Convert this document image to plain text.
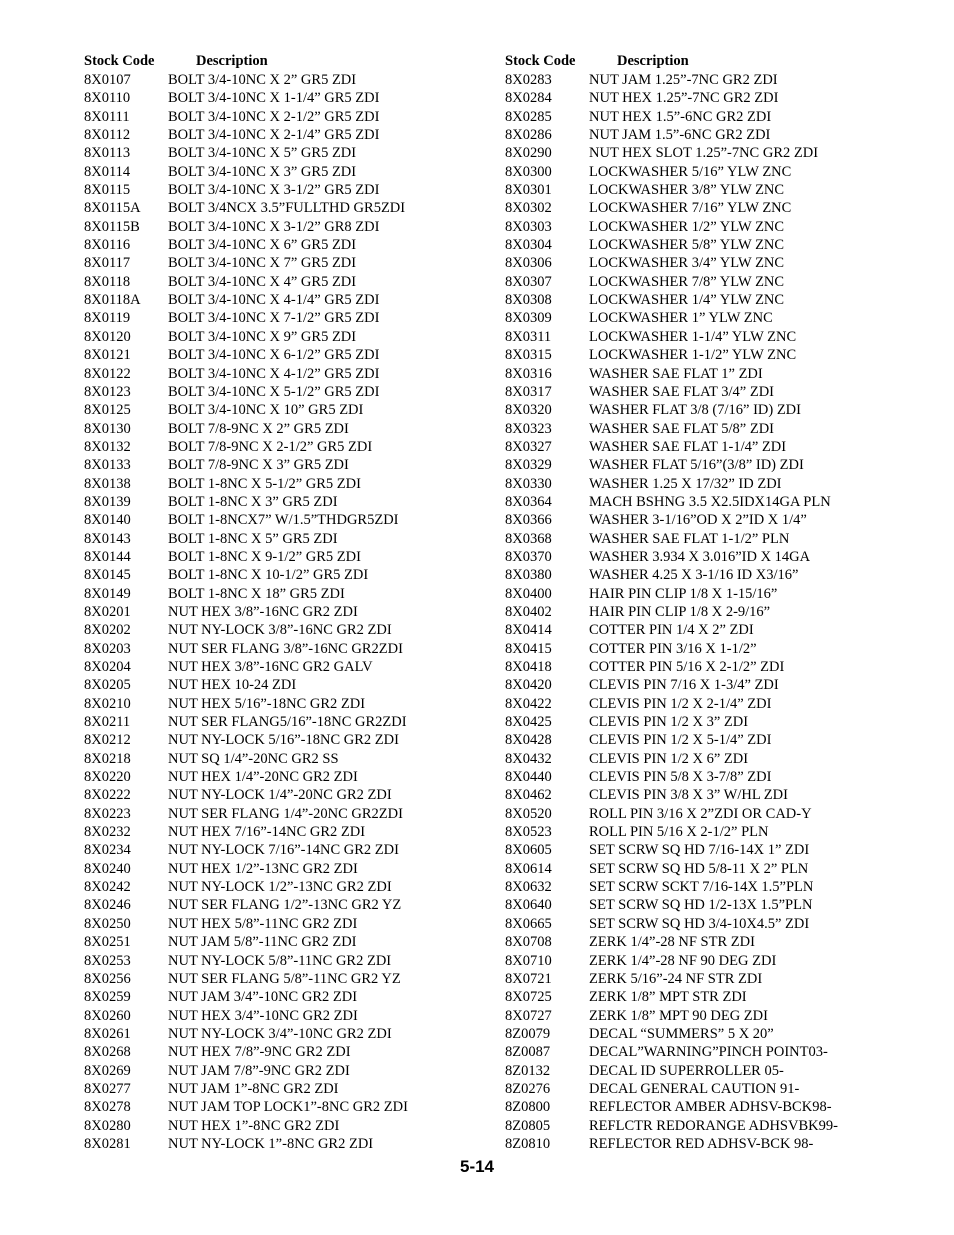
Stock Code	Description
8X0107	BOLT 3/4-10NC X 2” GR5 ZDI
8X0110	BOLT 3/4-10NC X 1-1/4” GR5 ZDI
8X0111	BOLT 3/4-10NC X 2-1/2” GR5 ZDI
8X0112	BOLT 3/4-10NC X 2-1/4” GR5 ZDI
8X0113	BOLT 3/4-10NC X 5” GR5 ZDI
8X0114	BOLT 3/4-10NC X 3” GR5 ZDI
8X0115	BOLT 3/4-10NC X 3-1/2” GR5 ZDI
8X0115A BOLT 3/4NCX 3.5”FULLTHD GR5ZDI
8X0115B BOLT 3/4-10NC X 3-1/2” GR8 ZDI
8X0116	BOLT 3/4-10NC X 6” GR5 ZDI
8X0117	BOLT 3/4-10NC X 7” GR5 ZDI
8X0118	BOLT 3/4-10NC X 4” GR5 ZDI
8X0118A BOLT 3/4-10NC X 4-1/4” GR5 ZDI
8X0119	BOLT 3/4-10NC X 7-1/2” GR5 ZDI
8X0120	BOLT 3/4-10NC X 9” GR5 ZDI
8X0121	BOLT 3/4-10NC X 6-1/2” GR5 ZDI
8X0122	BOLT 3/4-10NC X 4-1/2” GR5 ZDI
8X0123	BOLT 3/4-10NC X 5-1/2” GR5 ZDI
8X0125	BOLT 3/4-10NC X 10” GR5 ZDI
8X0130	BOLT 7/8-9NC X 2” GR5 ZDI
8X0132	BOLT 7/8-9NC X 2-1/2” GR5 ZDI
8X0133	BOLT 7/8-9NC X 3” GR5 ZDI
8X0138	BOLT 1-8NC X 5-1/2” GR5 ZDI
8X0139	BOLT 1-8NC X 3” GR5 ZDI
8X0140	BOLT 1-8NCX7” W/1.5”THDGR5ZDI
8X0143	BOLT 1-8NC X 5” GR5 ZDI
8X0144	BOLT 1-8NC X 9-1/2” GR5 ZDI
8X0145	BOLT 1-8NC X 10-1/2” GR5 ZDI
8X0149	BOLT 1-8NC X 18” GR5 ZDI
8X0201	NUT HEX 3/8”-16NC GR2 ZDI
8X0202	NUT NY-LOCK 3/8”-16NC GR2 ZDI
8X0203	NUT SER FLANG 3/8”-16NC GR2ZDI
8X0204	NUT HEX 3/8”-16NC GR2 GALV
8X0205	NUT HEX 10-24 ZDI
8X0210	NUT HEX 5/16”-18NC GR2 ZDI
8X0211	NUT SER FLANG5/16”-18NC GR2ZDI
8X0212	NUT NY-LOCK 5/16”-18NC GR2 ZDI
8X0218	NUT SQ 1/4”-20NC GR2 SS
8X0220	NUT HEX 1/4”-20NC GR2 ZDI
8X0222	NUT NY-LOCK 1/4”-20NC GR2 ZDI
8X0223	NUT SER FLANG 1/4”-20NC GR2ZDI
8X0232	NUT HEX 7/16”-14NC GR2 ZDI
8X0234	NUT NY-LOCK 7/16”-14NC GR2 ZDI
8X0240	NUT HEX 1/2”-13NC GR2 ZDI
8X0242	NUT NY-LOCK 1/2”-13NC GR2 ZDI
8X0246	NUT SER FLANG 1/2”-13NC GR2 YZ
8X0250	NUT HEX 5/8”-11NC GR2 ZDI
8X0251	NUT JAM 5/8”-11NC GR2 ZDI
8X0253	NUT NY-LOCK 5/8”-11NC GR2 ZDI
8X0256	NUT SER FLANG 5/8”-11NC GR2 YZ
8X0259	NUT JAM 3/4”-10NC GR2 ZDI
8X0260	NUT HEX 3/4”-10NC GR2 ZDI
8X0261	NUT NY-LOCK 3/4”-10NC GR2 ZDI
8X0268	NUT HEX 7/8”-9NC GR2 ZDI
8X0269	NUT JAM 7/8”-9NC GR2 ZDI
8X0277	NUT JAM 1”-8NC GR2 ZDI
8X0278	NUT JAM TOP LOCK1”-8NC GR2 ZDI
8X0280	NUT HEX 1”-8NC GR2 ZDI
8X0281	NUT NY-LOCK 1”-8NC GR2 ZDI
Stock Code	Description
8X0283	NUT JAM 1.25”-7NC GR2 ZDI
8X0284	NUT HEX 1.25”-7NC GR2 ZDI
8X0285	NUT HEX 1.5”-6NC GR2 ZDI
8X0286	NUT JAM 1.5”-6NC GR2 ZDI
8X0290	NUT HEX SLOT 1.25”-7NC GR2 ZDI
8X0300	LOCKWASHER 5/16” YLW ZNC
8X0301	LOCKWASHER 3/8” YLW ZNC
8X0302	LOCKWASHER 7/16” YLW ZNC
8X0303	LOCKWASHER 1/2” YLW ZNC
8X0304	LOCKWASHER 5/8” YLW ZNC
8X0306	LOCKWASHER 3/4” YLW ZNC
8X0307	LOCKWASHER 7/8” YLW ZNC
8X0308	LOCKWASHER 1/4” YLW ZNC
8X0309	LOCKWASHER 1” YLW ZNC
8X0311	LOCKWASHER 1-1/4” YLW ZNC
8X0315	LOCKWASHER 1-1/2” YLW ZNC
8X0316	WASHER SAE FLAT 1” ZDI
8X0317	WASHER SAE FLAT 3/4” ZDI
8X0320	WASHER FLAT 3/8 (7/16” ID) ZDI
8X0323	WASHER SAE FLAT 5/8” ZDI
8X0327	WASHER SAE FLAT 1-1/4” ZDI
8X0329	WASHER FLAT 5/16”(3/8” ID) ZDI
8X0330	WASHER 1.25 X 17/32” ID ZDI
8X0364	MACH BSHNG 3.5 X2.5IDX14GA PLN
8X0366	WASHER 3-1/16”OD X 2”ID X 1/4”
8X0368	WASHER SAE FLAT 1-1/2” PLN
8X0370	WASHER 3.934 X 3.016”ID X 14GA
8X0380	WASHER 4.25 X 3-1/16 ID X3/16”
8X0400	HAIR PIN CLIP 1/8 X 1-15/16”
8X0402	HAIR PIN CLIP 1/8 X 2-9/16”
8X0414	COTTER PIN 1/4 X 2” ZDI
8X0415	COTTER PIN 3/16 X 1-1/2”
8X0418	COTTER PIN 5/16 X 2-1/2” ZDI
8X0420	CLEVIS PIN 7/16 X 1-3/4” ZDI
8X0422	CLEVIS PIN 1/2 X 2-1/4” ZDI
8X0425	CLEVIS PIN 1/2 X 3” ZDI
8X0428	CLEVIS PIN 1/2 X 5-1/4” ZDI
8X0432	CLEVIS PIN 1/2 X 6” ZDI
8X0440	CLEVIS PIN 5/8 X 3-7/8” ZDI
8X0462	CLEVIS PIN 3/8 X 3” W/HL ZDI
8X0520	ROLL PIN 3/16 X 2”ZDI OR CAD-Y
8X0523	ROLL PIN 5/16 X 2-1/2” PLN
8X0605	SET SCRW SQ HD 7/16-14X 1” ZDI
8X0614	SET SCRW SQ HD 5/8-11 X 2” PLN
8X0632	SET SCRW SCKT 7/16-14X 1.5”PLN
8X0640	SET SCRW SQ HD 1/2-13X 1.5”PLN
8X0665	SET SCRW SQ HD 3/4-10X4.5” ZDI
8X0708	ZERK 1/4”-28 NF STR ZDI
8X0710	ZERK 1/4”-28 NF 90 DEG ZDI
8X0721	ZERK 5/16”-24 NF STR ZDI
8X0725	ZERK 1/8” MPT STR ZDI
8X0727	ZERK 1/8” MPT 90 DEG ZDI
8Z0079	DECAL “SUMMERS” 5 X 20”
8Z0087	DECAL”WARNING”PINCH POINT03-
8Z0132	DECAL ID SUPERROLLER 05-
8Z0276	DECAL GENERAL CAUTION 91-
8Z0800	REFLECTOR AMBER ADHSV-BCK98-
8Z0805	REFLCTR REDORANGE ADHSVBK99-
8Z0810	REFLECTOR RED ADHSV-BCK 98-
5-14
